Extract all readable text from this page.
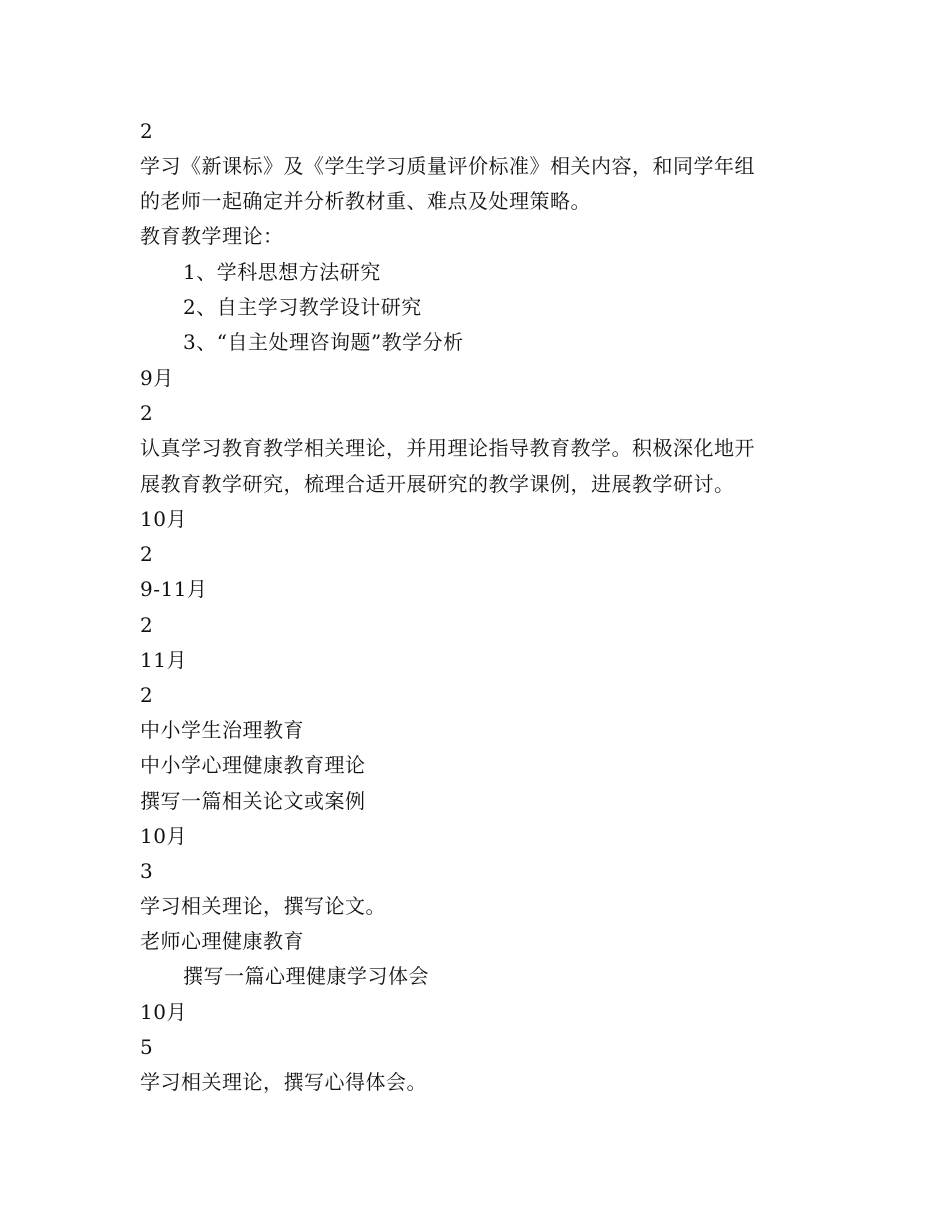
2
学习《新课标》及《学生学习质量评价标准》相关内容，和同学年组
的老师一起确定并分析教材重、难点及处理策略。
教育教学理论：
1、学科思想方法研究
2、自主学习教学设计研究
3、“自主处理咨询题”教学分析
9月
2
认真学习教育教学相关理论，并用理论指导教育教学。积极深化地开
展教育教学研究，梳理合适开展研究的教学课例，进展教学研讨。
10月
2
9-11月
2
11月
2
中小学生治理教育
中小学心理健康教育理论
撰写一篇相关论文或案例
10月
3
学习相关理论，撰写论文。
老师心理健康教育
撰写一篇心理健康学习体会
10月
5
学习相关理论，撰写心得体会。
